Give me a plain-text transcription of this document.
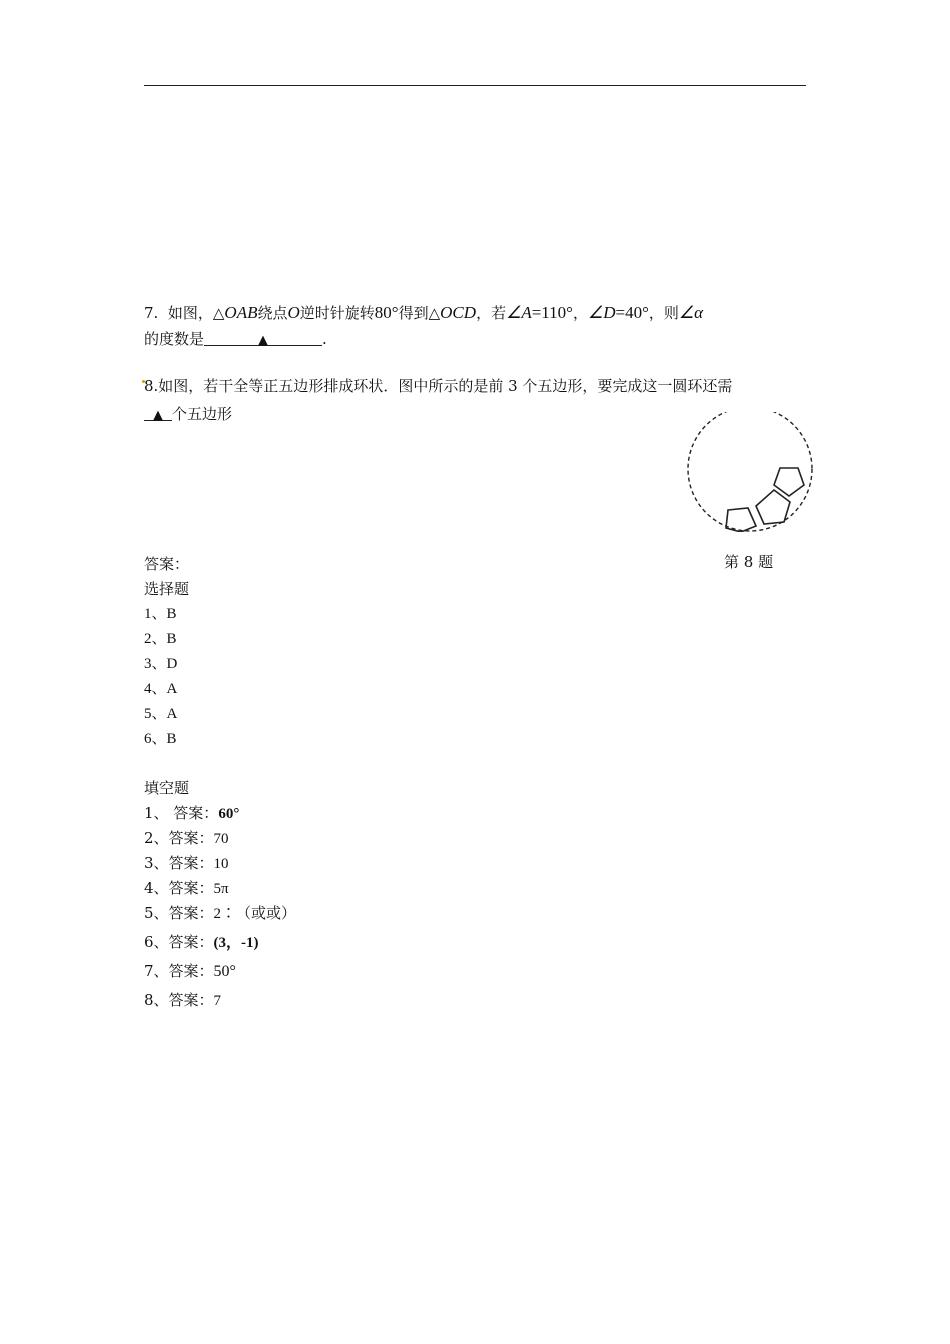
7. 如图，△OAB绕点O逆时针旋转80°得到△OCD，若∠A=110°，∠D=40°，则∠α
的度数是	▲	.
8.如图，若干全等正五边形排成环状．图中所示的是前 3 个五边形，要完成这一圆环还需
▲ 个五边形
第 8 题
答案：
选择题
1、B
2、B
3、D
4、A
5、A
6、B
填空题
1、 答案：60°
2、答案：70
3、答案：10
4、答案：5π
5、答案：2∶（或或）
6、答案：(3，-1)
7、答案：50°
8、答案：7
